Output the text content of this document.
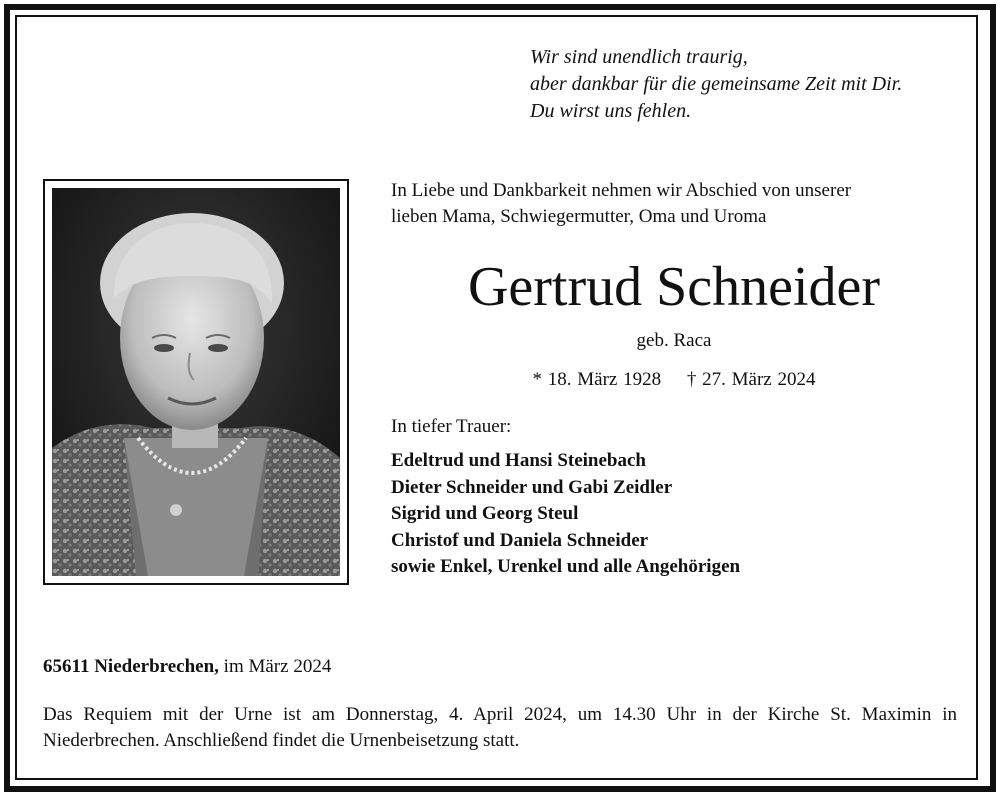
Wir sind unendlich traurig,
aber dankbar für die gemeinsame Zeit mit Dir.
Du wirst uns fehlen.
In Liebe und Dankbarkeit nehmen wir Abschied von unserer
lieben Mama, Schwiegermutter, Oma und Uroma
Gertrud Schneider
geb. Raca
* 18. März 1928 † 27. März 2024
In tiefer Trauer:
Edeltrud und Hansi Steinebach
Dieter Schneider und Gabi Zeidler
Sigrid und Georg Steul
Christof und Daniela Schneider
sowie Enkel, Urenkel und alle Angehörigen
65611 Niederbrechen, im März 2024
Das Requiem mit der Urne ist am Donnerstag, 4. April 2024, um 14.30 Uhr in der Kirche St. Maximin in Niederbrechen. Anschließend findet die Urnenbeisetzung statt.
